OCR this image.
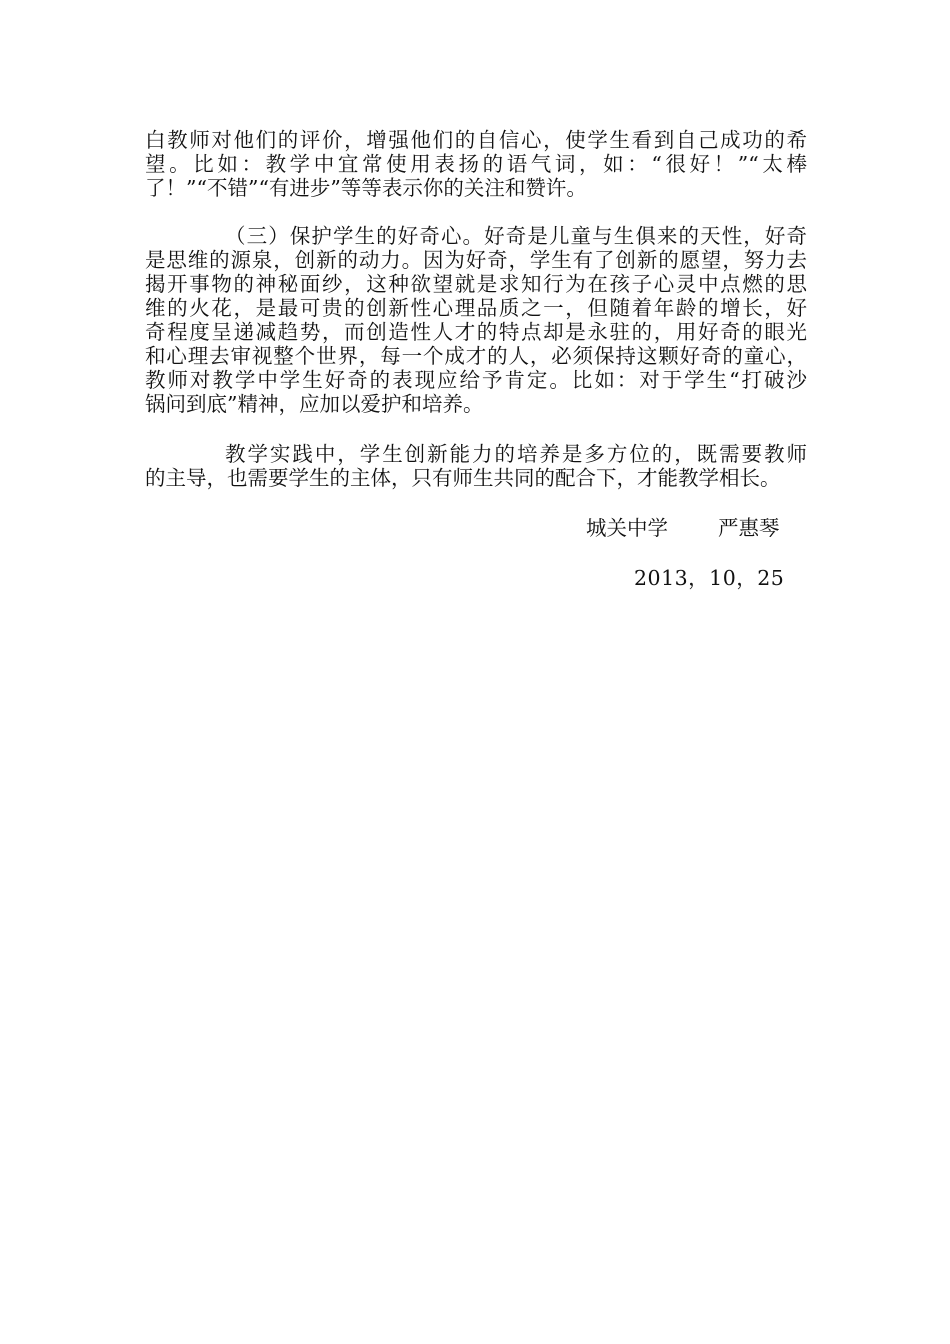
白教师对他们的评价，增强他们的自信心，使学生看到自己成功的希
望。比如：教学中宜常使用表扬的语气词，如：“很好！”“太棒
了！”“不错”“有进步”等等表示你的关注和赞许。
（三）保护学生的好奇心。好奇是儿童与生俱来的天性，好奇
是思维的源泉，创新的动力。因为好奇，学生有了创新的愿望，努力去
揭开事物的神秘面纱，这种欲望就是求知行为在孩子心灵中点燃的思
维的火花，是最可贵的创新性心理品质之一，但随着年龄的增长，好
奇程度呈递减趋势，而创造性人才的特点却是永驻的，用好奇的眼光
和心理去审视整个世界，每一个成才的人，必须保持这颗好奇的童心，
教师对教学中学生好奇的表现应给予肯定。比如：对于学生“打破沙
锅问到底”精神，应加以爱护和培养。
教学实践中，学生创新能力的培养是多方位的，既需要教师
的主导，也需要学生的主体，只有师生共同的配合下，才能教学相长。
城关中学 严惠琴
2013，10，25
